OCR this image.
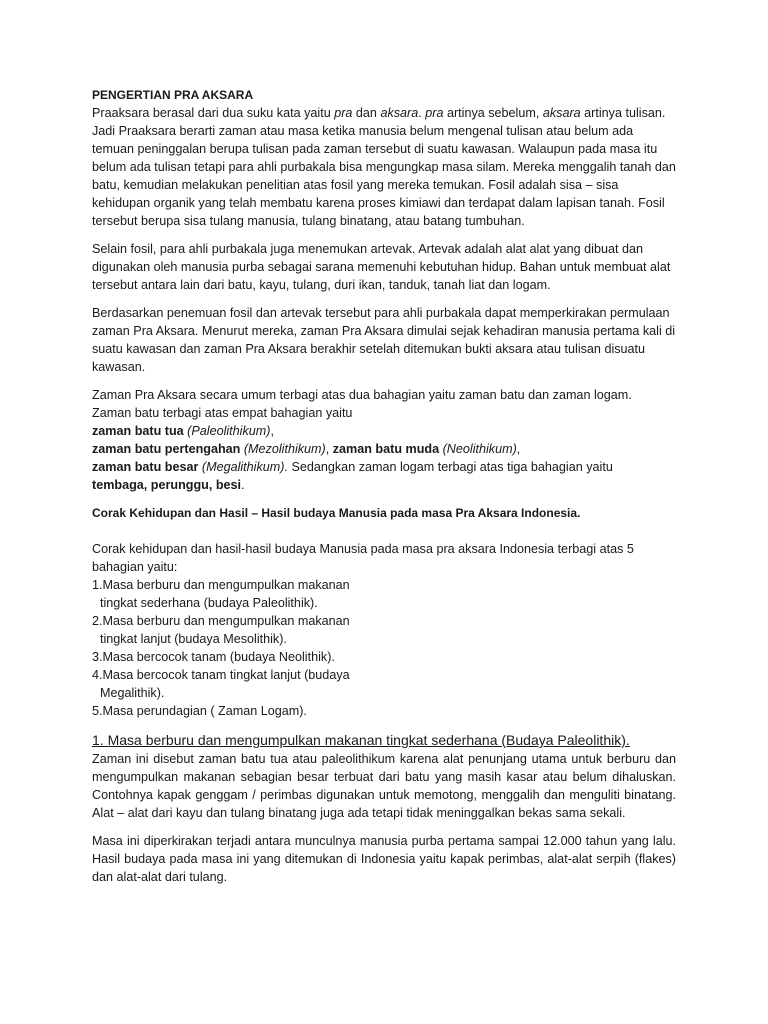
PENGERTIAN PRA AKSARA

Praaksara berasal dari dua suku kata yaitu pra dan aksara. pra artinya sebelum, aksara artinya tulisan. Jadi Praaksara berarti zaman atau masa ketika manusia belum mengenal tulisan atau belum ada temuan peninggalan berupa tulisan pada zaman tersebut di suatu kawasan. Walaupun pada masa itu belum ada tulisan tetapi para ahli purbakala bisa mengungkap masa silam. Mereka menggalih tanah dan batu, kemudian melakukan penelitian atas fosil yang mereka temukan. Fosil adalah sisa – sisa kehidupan organik yang telah membatu karena proses kimiawi dan terdapat dalam lapisan tanah. Fosil tersebut berupa sisa tulang manusia, tulang binatang, atau batang tumbuhan.

Selain fosil, para ahli purbakala juga menemukan artevak. Artevak adalah alat alat yang dibuat dan digunakan oleh manusia purba sebagai sarana memenuhi kebutuhan hidup. Bahan untuk membuat alat tersebut antara lain dari batu, kayu, tulang, duri ikan, tanduk, tanah liat dan logam.

Berdasarkan penemuan fosil dan artevak tersebut para ahli purbakala dapat memperkirakan permulaan zaman Pra Aksara. Menurut mereka, zaman Pra Aksara dimulai sejak kehadiran manusia pertama kali di suatu kawasan dan zaman Pra Aksara berakhir setelah ditemukan bukti aksara atau tulisan disuatu kawasan.

Zaman Pra Aksara secara umum terbagi atas dua bahagian yaitu zaman batu dan zaman logam.

Zaman batu terbagi atas empat bahagian yaitu

zaman batu tua (Paleolithikum),

zaman batu pertengahan (Mezolithikum), zaman batu muda (Neolithikum),

zaman batu besar (Megalithikum). Sedangkan zaman logam terbagi atas tiga bahagian yaitu

tembaga, perunggu, besi.

Corak Kehidupan dan Hasil – Hasil budaya Manusia pada masa Pra Aksara Indonesia.

Corak kehidupan dan hasil-hasil budaya Manusia pada masa pra aksara Indonesia terbagi atas 5 bahagian yaitu:

1.Masa berburu dan mengumpulkan makanan
tingkat sederhana (budaya Paleolithik).
2.Masa berburu dan mengumpulkan makanan
tingkat lanjut (budaya Mesolithik).
3.Masa bercocok tanam (budaya Neolithik).
4.Masa bercocok tanam tingkat lanjut (budaya
Megalithik).
5.Masa perundagian ( Zaman Logam).

1. Masa berburu dan mengumpulkan makanan tingkat sederhana (Budaya Paleolithik).

Zaman ini disebut zaman batu tua atau paleolithikum karena alat penunjang utama untuk berburu dan mengumpulkan makanan sebagian besar terbuat dari batu yang masih kasar atau belum dihaluskan. Contohnya kapak genggam / perimbas digunakan untuk memotong, menggalih dan menguliti binatang. Alat – alat dari kayu dan tulang binatang juga ada tetapi tidak meninggalkan bekas sama sekali.

Masa ini diperkirakan terjadi antara munculnya manusia purba pertama sampai 12.000 tahun yang lalu. Hasil budaya pada masa ini yang ditemukan di Indonesia yaitu kapak perimbas, alat-alat serpih (flakes) dan alat-alat dari tulang.
